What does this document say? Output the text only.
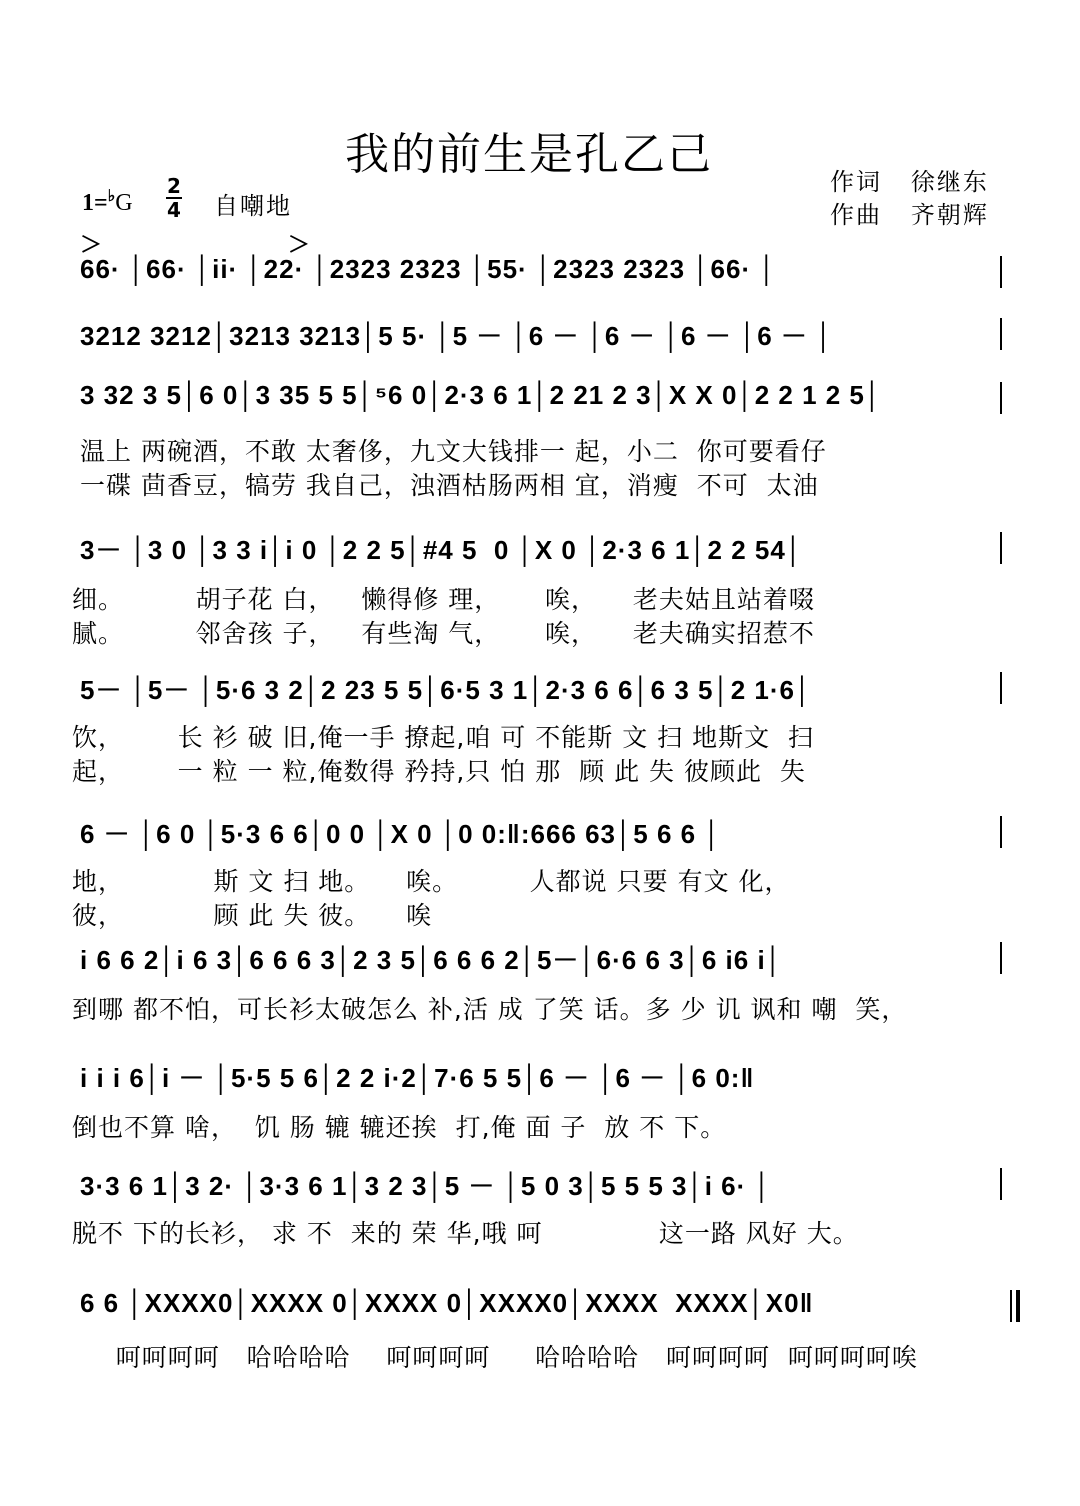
我的前生是孔乙己
作词 徐继东
作曲 齐朝辉
1=♭G
2
4 自嘲地
＞                          ＞
66· │66· │ii· │22· │2323 2323 │55· │2323 2323 │66· │
3212 3212│3213 3213│5 5· │5 － │6 － │6 － │6 － │6 － │
3 32 3 5│6 0│3 35 5 5│⁵6 0│2·3 6 1│2 21 2 3│X X 0│2 2 1 2 5│
温上 两碗酒，不敢 太奢侈，九文大钱排一 起，小二  你可要看仔
一碟 茴香豆，犒劳 我自己，浊酒枯肠两相 宜，消瘦  不可  太油
3－ │3 0 │3 3 i│i 0 │2 2 5│#4 5  0 │X 0 │2·3 6 1│2 2 54│
细。        胡子花 白，   懒得修 理，     唉，    老夫姑且站着啜
腻。        邻舍孩 子，   有些淘 气，     唉，    老夫确实招惹不
5－ │5－ │5·6 3 2│2 23 5 5│6·5 3 1│2·3 6 6│6 3 5│2 1·6│
饮，      长 衫 破 旧,俺一手 撩起,咱 可 不能斯 文 扫 地斯文  扫
起，      一 粒 一 粒,俺数得 矜持,只 怕 那  顾 此 失 彼顾此  失
6 － │6 0 │5·3 6 6│0 0 │X 0 │0 0:‖:666 63│5 6 6 │
地，          斯 文 扫 地。    唉。        人都说 只要 有文 化，
彼，          顾 此 失 彼。    唉
i 6 6 2│i 6 3│6 6 6 3│2 3 5│6 6 6 2│5－│6·6 6 3│6 i6 i│
到哪 都不怕，可长衫太破怎么 补,活 成 了笑 话。多 少 讥 讽和 嘲  笑，
i i i 6│i － │5·5 5 6│2 2 i·2│7·6 5 5│6 － │6 － │6 0:‖
倒也不算 啥，  饥 肠 辘 辘还挨  打,俺 面 子  放 不 下。
3·3 6 1│3 2· │3·3 6 1│3 2 3│5 － │5 0 3│5 5 5 3│i 6· │
脱不 下的长衫， 求 不  来的 荣 华,哦 呵             这一路 风好 大。
6 6 │XXXX0│XXXX 0│XXXX 0│XXXX0│XXXX  XXXX│X0‖
呵呵呵呵   哈哈哈哈    呵呵呵呵     哈哈哈哈   呵呵呵呵  呵呵呵呵唉
